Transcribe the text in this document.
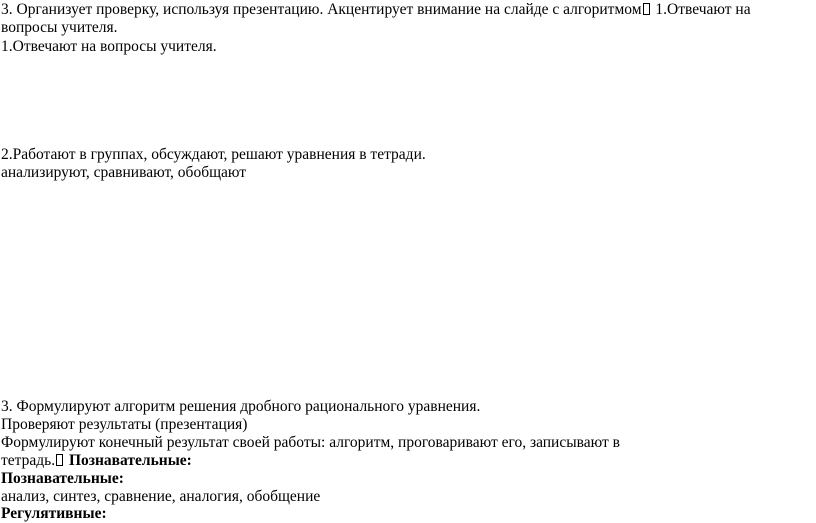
3. Организует проверку, используя презентацию. Акцентирует внимание на слайде с алгоритмом 1.Отвечают на
вопросы учителя.
1.Отвечают на вопросы учителя.
2.Работают в группах, обсуждают, решают уравнения в тетради.
анализируют, сравнивают, обобщают
3. Формулируют алгоритм решения дробного рационального уравнения.
Проверяют результаты (презентация)
Формулируют конечный результат своей работы: алгоритм, проговаривают его, записывают в
тетрадь. Познавательные:
Познавательные:
анализ, синтез, сравнение, аналогия, обобщение
Регулятивные:
